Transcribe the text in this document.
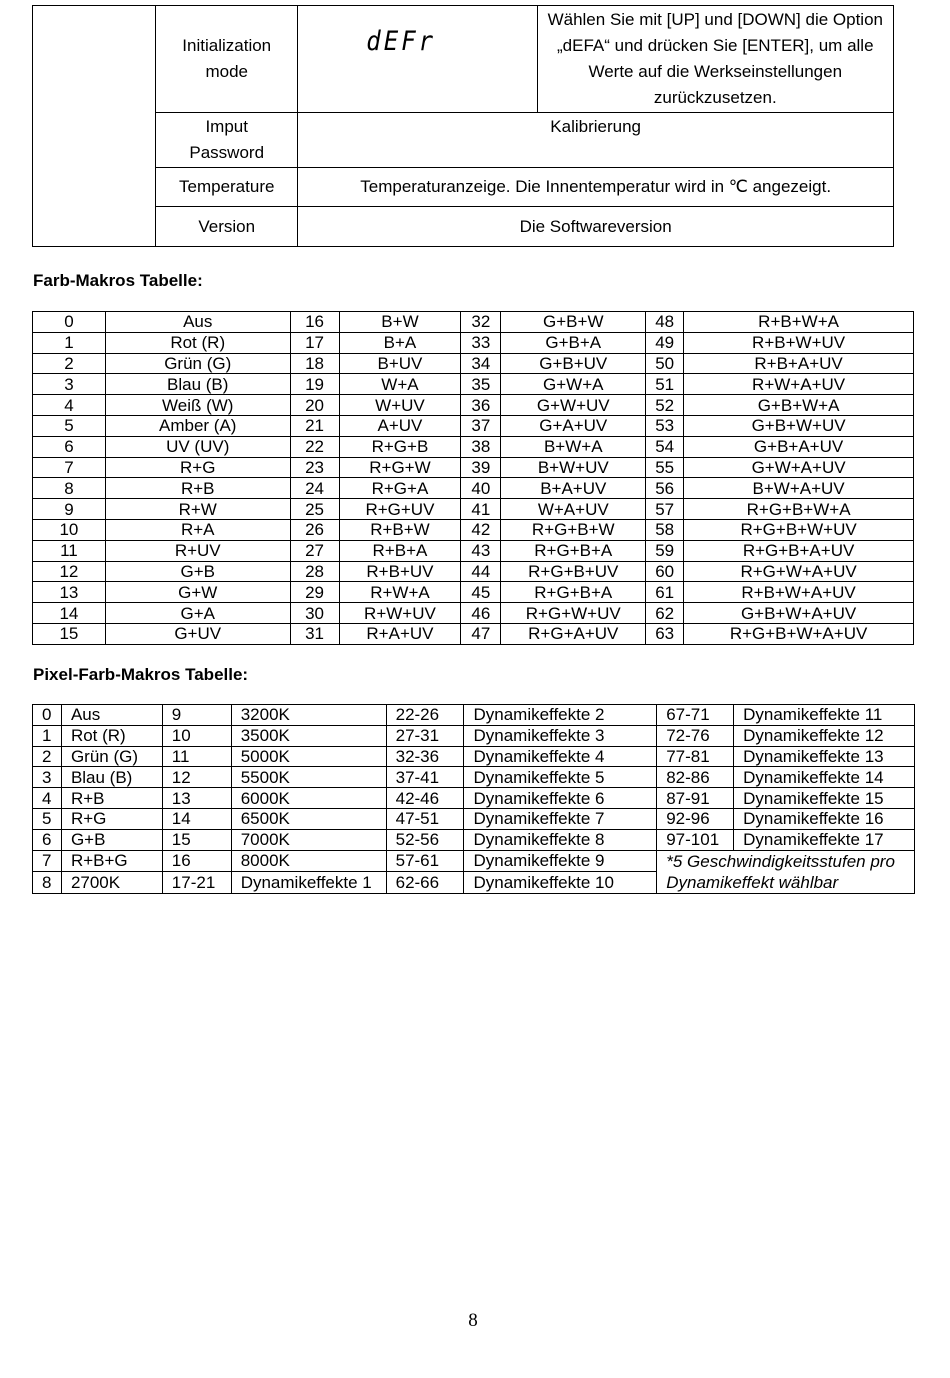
	Initialization mode	dEFr	Wählen Sie mit [UP] und [DOWN] die Option „dEFA“ und drücken Sie [ENTER], um alle Werte auf die Werkseinstellungen zurückzusetzen.
	Imput Password	Kalibrierung	
	Temperature	Temperaturanzeige. Die Innentemperatur wird in ℃ angezeigt.	
	Version	Die Softwareversion	
Farb-Makros Tabelle:
0	Aus	16	B+W	32	G+B+W	48	R+B+W+A
1	Rot (R)	17	B+A	33	G+B+A	49	R+B+W+UV
2	Grün (G)	18	B+UV	34	G+B+UV	50	R+B+A+UV
3	Blau (B)	19	W+A	35	G+W+A	51	R+W+A+UV
4	Weiß (W)	20	W+UV	36	G+W+UV	52	G+B+W+A
5	Amber (A)	21	A+UV	37	G+A+UV	53	G+B+W+UV
6	UV (UV)	22	R+G+B	38	B+W+A	54	G+B+A+UV
7	R+G	23	R+G+W	39	B+W+UV	55	G+W+A+UV
8	R+B	24	R+G+A	40	B+A+UV	56	B+W+A+UV
9	R+W	25	R+G+UV	41	W+A+UV	57	R+G+B+W+A
10	R+A	26	R+B+W	42	R+G+B+W	58	R+G+B+W+UV
11	R+UV	27	R+B+A	43	R+G+B+A	59	R+G+B+A+UV
12	G+B	28	R+B+UV	44	R+G+B+UV	60	R+G+W+A+UV
13	G+W	29	R+W+A	45	R+G+B+A	61	R+B+W+A+UV
14	G+A	30	R+W+UV	46	R+G+W+UV	62	G+B+W+A+UV
15	G+UV	31	R+A+UV	47	R+G+A+UV	63	R+G+B+W+A+UV
Pixel-Farb-Makros Tabelle:
0	Aus	9	3200K	22-26	Dynamikeffekte 2	67-71	Dynamikeffekte 11
1	Rot (R)	10	3500K	27-31	Dynamikeffekte 3	72-76	Dynamikeffekte 12
2	Grün (G)	11	5000K	32-36	Dynamikeffekte 4	77-81	Dynamikeffekte 13
3	Blau (B)	12	5500K	37-41	Dynamikeffekte 5	82-86	Dynamikeffekte 14
4	R+B	13	6000K	42-46	Dynamikeffekte 6	87-91	Dynamikeffekte 15
5	R+G	14	6500K	47-51	Dynamikeffekte 7	92-96	Dynamikeffekte 16
6	G+B	15	7000K	52-56	Dynamikeffekte 8	97-101	Dynamikeffekte 17
7	R+B+G	16	8000K	57-61	Dynamikeffekte 9	*5 Geschwindigkeitsstufen pro Dynamikeffekt wählbar	
8	2700K	17-21	Dynamikeffekte 1	62-66	Dynamikeffekte 10		
8
